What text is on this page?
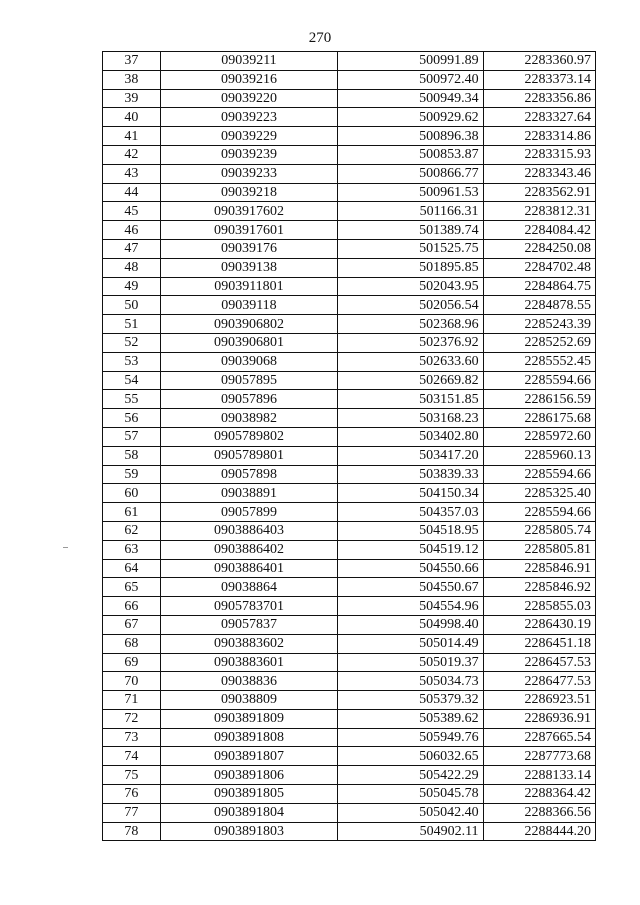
270
37	09039211	500991.89	2283360.97
38	09039216	500972.40	2283373.14
39	09039220	500949.34	2283356.86
40	09039223	500929.62	2283327.64
41	09039229	500896.38	2283314.86
42	09039239	500853.87	2283315.93
43	09039233	500866.77	2283343.46
44	09039218	500961.53	2283562.91
45	0903917602	501166.31	2283812.31
46	0903917601	501389.74	2284084.42
47	09039176	501525.75	2284250.08
48	09039138	501895.85	2284702.48
49	0903911801	502043.95	2284864.75
50	09039118	502056.54	2284878.55
51	0903906802	502368.96	2285243.39
52	0903906801	502376.92	2285252.69
53	09039068	502633.60	2285552.45
54	09057895	502669.82	2285594.66
55	09057896	503151.85	2286156.59
56	09038982	503168.23	2286175.68
57	0905789802	503402.80	2285972.60
58	0905789801	503417.20	2285960.13
59	09057898	503839.33	2285594.66
60	09038891	504150.34	2285325.40
61	09057899	504357.03	2285594.66
62	0903886403	504518.95	2285805.74
63	0903886402	504519.12	2285805.81
64	0903886401	504550.66	2285846.91
65	09038864	504550.67	2285846.92
66	0905783701	504554.96	2285855.03
67	09057837	504998.40	2286430.19
68	0903883602	505014.49	2286451.18
69	0903883601	505019.37	2286457.53
70	09038836	505034.73	2286477.53
71	09038809	505379.32	2286923.51
72	0903891809	505389.62	2286936.91
73	0903891808	505949.76	2287665.54
74	0903891807	506032.65	2287773.68
75	0903891806	505422.29	2288133.14
76	0903891805	505045.78	2288364.42
77	0903891804	505042.40	2288366.56
78	0903891803	504902.11	2288444.20
